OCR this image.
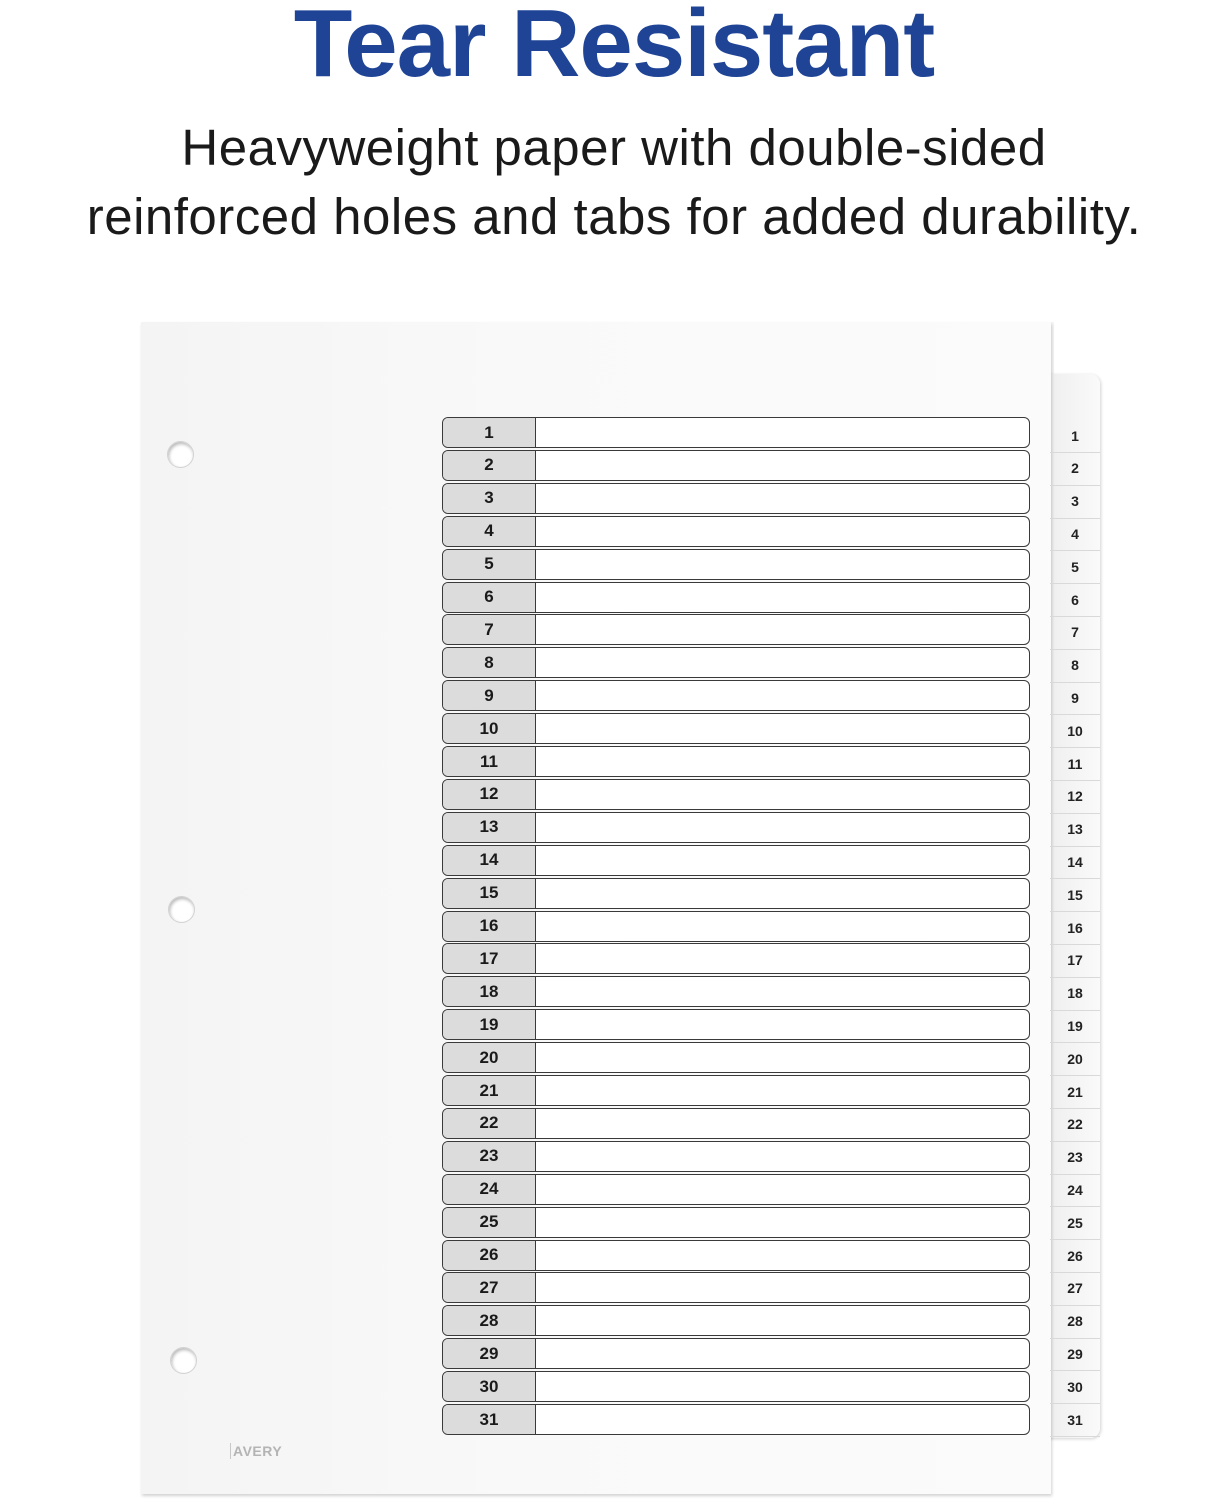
Tear Resistant

Heavyweight paper with double-sided

reinforced holes and tabs for added durability.

1
2
3
4
5
6
7
8
9
10
11
12
13
14
15
16
17
18
19
20
21
22
23
24
25
26
27
28
29
30
31
1
2
3
4
5
6
7
8
9
10
11
12
13
14
15
16
17
18
19
20
21
22
23
24
25
26
27
28
29
30
31
AVERY
